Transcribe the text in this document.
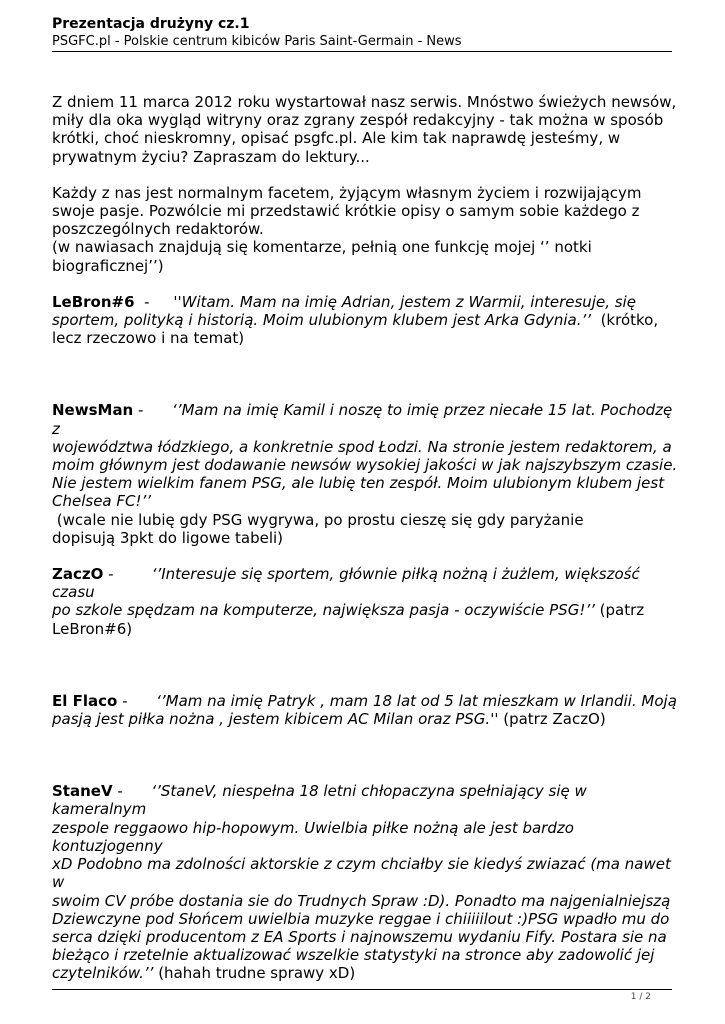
Prezentacja drużyny cz.1
PSGFC.pl - Polskie centrum kibiców Paris Saint-Germain - News

Z dniem 11 marca 2012 roku wystartował nasz serwis. Mnóstwo świeżych newsów,
miły dla oka wygląd witryny oraz zgrany zespół redakcyjny - tak można w sposób
krótki, choć nieskromny, opisać psgfc.pl. Ale kim tak naprawdę jesteśmy, w
prywatnym życiu? Zapraszam do lektury...

Każdy z nas jest normalnym facetem, żyjącym własnym życiem i rozwijającym
swoje pasje. Pozwólcie mi przedstawić krótkie opisy o samym sobie każdego z
poszczególnych redaktorów.
(w nawiasach znajdują się komentarze, pełnią one funkcję mojej ‘’ notki
biograficznej’’)

LeBron#6  -     ''Witam. Mam na imię Adrian, jestem z Warmii, interesuje, się
sportem, polityką i historią. Moim ulubionym klubem jest Arka Gdynia.’’  (krótko,
lecz rzeczowo i na temat)

NewsMan -      ‘’Mam na imię Kamil i noszę to imię przez niecałe 15 lat. Pochodzę z
województwa łódzkiego, a konkretnie spod Łodzi. Na stronie jestem redaktorem, a
moim głównym jest dodawanie newsów wysokiej jakości w jak najszybszym czasie.
Nie jestem wielkim fanem PSG, ale lubię ten zespół. Moim ulubionym klubem jest
Chelsea FC!’’ (wcale nie lubię gdy PSG wygrywa, po prostu cieszę się gdy paryżanie
dopisują 3pkt do ligowe tabeli)

ZaczO -        ‘’Interesuje się sportem, głównie piłką nożną i żużlem, większość czasu
po szkole spędzam na komputerze, największa pasja - oczywiście PSG!’’ (patrz
LeBron#6)

El Flaco -      ‘’Mam na imię Patryk , mam 18 lat od 5 lat mieszkam w Irlandii. Moją
pasją jest piłka nożna , jestem kibicem AC Milan oraz PSG.'' (patrz ZaczO)

StaneV -      ‘’StaneV, niespełna 18 letni chłopaczyna spełniający się w kameralnym
zespole reggaowo hip-hopowym. Uwielbia piłke nożną ale jest bardzo kontuzjogenny
xD Podobno ma zdolności aktorskie z czym chciałby sie kiedyś zwiazać (ma nawet w
swoim CV próbe dostania sie do Trudnych Spraw :D). Ponadto ma najgenialniejszą
Dziewczyne pod Słońcem uwielbia muzyke reggae i chiiiiilout :)PSG wpadło mu do
serca dzięki producentom z EA Sports i najnowszemu wydaniu Fify. Postara sie na
bieżąco i rzetelnie aktualizować wszelkie statystyki na stronce aby zadowolić jej
czytelników.’’ (hahah trudne sprawy xD)

1 / 2
